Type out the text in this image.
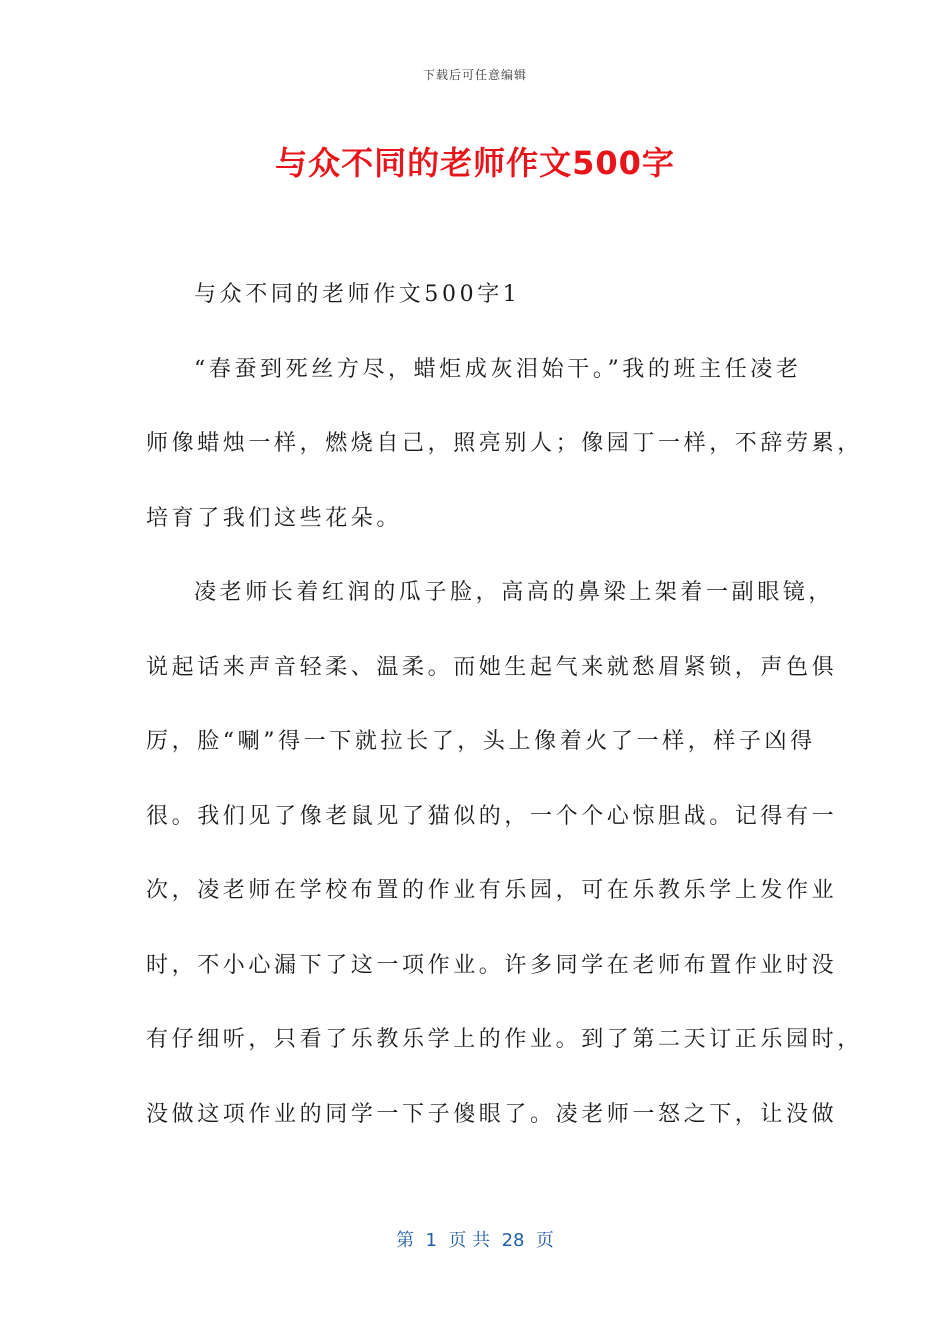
下载后可任意编辑
与众不同的老师作文500字
与众不同的老师作文500字1
“春蚕到死丝方尽，蜡炬成灰泪始干。”我的班主任凌老
师像蜡烛一样，燃烧自己，照亮别人；像园丁一样，不辞劳累，
培育了我们这些花朵。
凌老师长着红润的瓜子脸，高高的鼻梁上架着一副眼镜，
说起话来声音轻柔、温柔。而她生起气来就愁眉紧锁，声色俱
厉，脸“唰”得一下就拉长了，头上像着火了一样，样子凶得
很。我们见了像老鼠见了猫似的，一个个心惊胆战。记得有一
次，凌老师在学校布置的作业有乐园，可在乐教乐学上发作业
时，不小心漏下了这一项作业。许多同学在老师布置作业时没
有仔细听，只看了乐教乐学上的作业。到了第二天订正乐园时，
没做这项作业的同学一下子傻眼了。凌老师一怒之下，让没做
第  1  页 共  28  页
